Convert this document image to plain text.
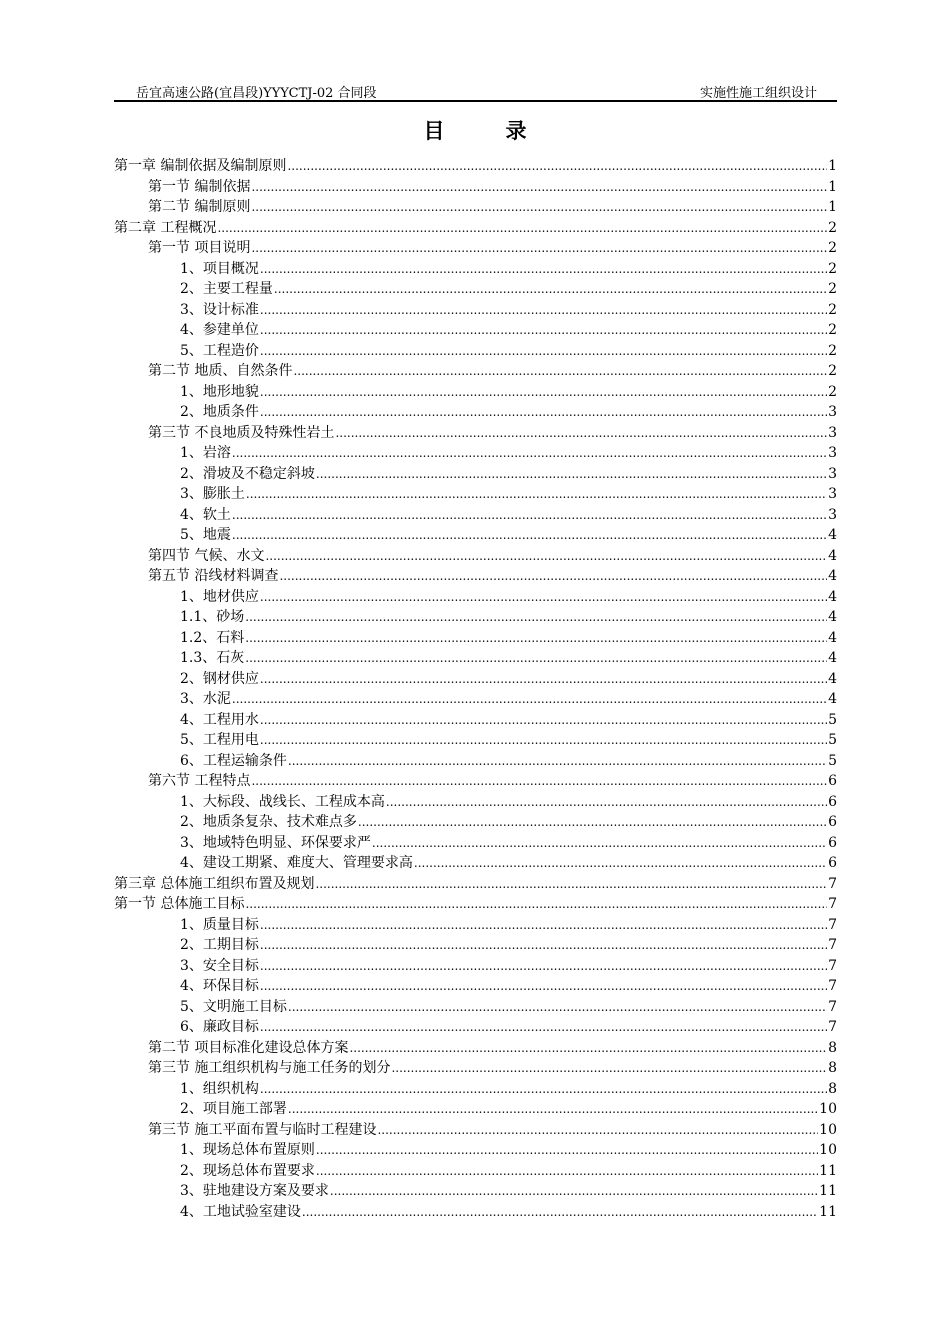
岳宜高速公路(宜昌段)YYYCTJ-02 合同段	实施性施工组织设计
目　录
第一章 编制依据及编制原则 .....	1
第一节 编制依据 .....	1
第二节 编制原则 .....	1
第二章 工程概况 .....	2
第一节 项目说明 .....	2
1、项目概况 .....	2
2、主要工程量 .....	2
3、设计标准 .....	2
4、参建单位 .....	2
5、工程造价 .....	2
第二节 地质、自然条件 .....	2
1、地形地貌 .....	2
2、地质条件 .....	3
第三节 不良地质及特殊性岩土 .....	3
1、岩溶 .....	3
2、滑坡及不稳定斜坡 .....	3
3、膨胀土 .....	3
4、软土 .....	3
5、地震 .....	4
第四节 气候、水文 .....	4
第五节 沿线材料调查 .....	4
1、地材供应 .....	4
1.1、砂场 .....	4
1.2、石料 .....	4
1.3、石灰 .....	4
2、钢材供应 .....	4
3、水泥 .....	4
4、工程用水 .....	5
5、工程用电 .....	5
6、工程运输条件 .....	5
第六节 工程特点 .....	6
1、大标段、战线长、工程成本高 .....	6
2、地质条复杂、技术难点多 .....	6
3、地域特色明显、环保要求严 .....	6
4、建设工期紧、难度大、管理要求高 .....	6
第三章 总体施工组织布置及规划 .....	7
第一节 总体施工目标 .....	7
1、质量目标 .....	7
2、工期目标 .....	7
3、安全目标 .....	7
4、环保目标 .....	7
5、文明施工目标 .....	7
6、廉政目标 .....	7
第二节 项目标准化建设总体方案 .....	8
第三节 施工组织机构与施工任务的划分 .....	8
1、组织机构 .....	8
2、项目施工部署 .....	10
第三节 施工平面布置与临时工程建设 .....	10
1、现场总体布置原则 .....	10
2、现场总体布置要求 .....	11
3、驻地建设方案及要求 .....	11
4、工地试验室建设 .....	11
